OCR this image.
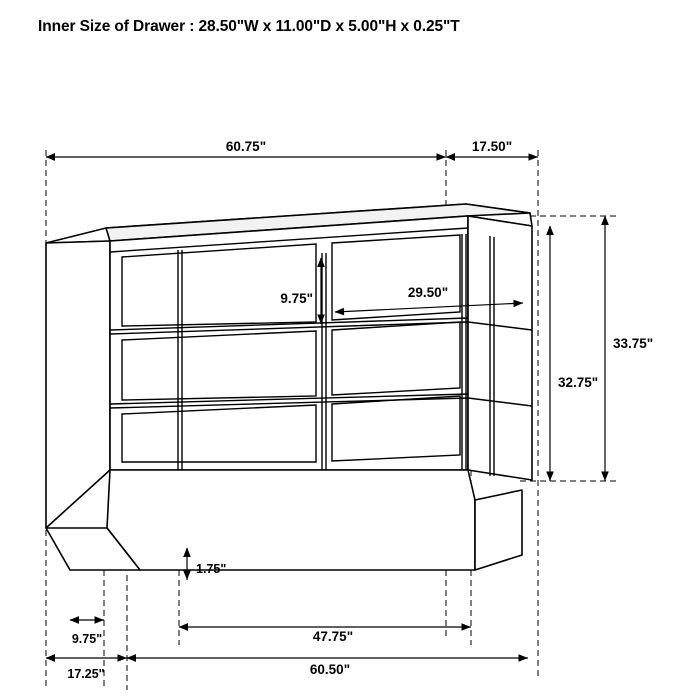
Inner Size of Drawer : 28.50"W x 11.00"D x 5.00"H x 0.25"T
60.75"	17.50"
9.75"	29.50"
33.75"
32.75"
1.75"
47.75"
60.50"
9.75"
17.25"
